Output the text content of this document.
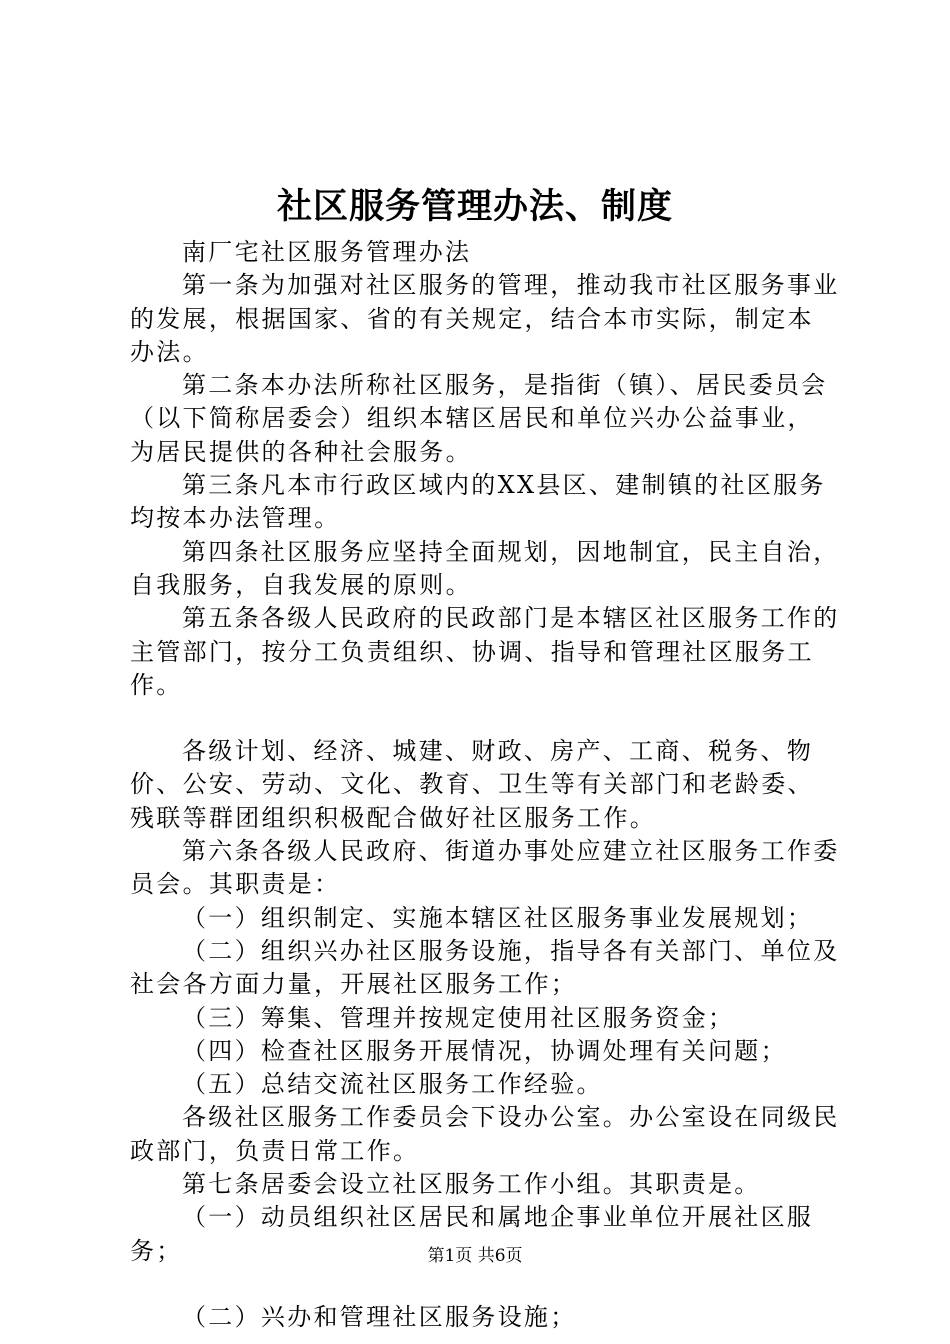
社区服务管理办法、制度

南厂宅社区服务管理办法

第一条为加强对社区服务的管理，推动我市社区服务事业的发展，根据国家、省的有关规定，结合本市实际，制定本办法。

第二条本办法所称社区服务，是指街（镇）、居民委员会（以下简称居委会）组织本辖区居民和单位兴办公益事业，为居民提供的各种社会服务。

第三条凡本市行政区域内的XX县区、建制镇的社区服务均按本办法管理。

第四条社区服务应坚持全面规划，因地制宜，民主自治，自我服务，自我发展的原则。

第五条各级人民政府的民政部门是本辖区社区服务工作的主管部门，按分工负责组织、协调、指导和管理社区服务工作。

各级计划、经济、城建、财政、房产、工商、税务、物价、公安、劳动、文化、教育、卫生等有关部门和老龄委、残联等群团组织积极配合做好社区服务工作。

第六条各级人民政府、街道办事处应建立社区服务工作委员会。其职责是：

（一）组织制定、实施本辖区社区服务事业发展规划；

（二）组织兴办社区服务设施，指导各有关部门、单位及社会各方面力量，开展社区服务工作；

（三）筹集、管理并按规定使用社区服务资金；

（四）检查社区服务开展情况，协调处理有关问题；

（五）总结交流社区服务工作经验。

各级社区服务工作委员会下设办公室。办公室设在同级民政部门，负责日常工作。

第七条居委会设立社区服务工作小组。其职责是。

（一）动员组织社区居民和属地企事业单位开展社区服务；

（二）兴办和管理社区服务设施；

第1页 共6页
